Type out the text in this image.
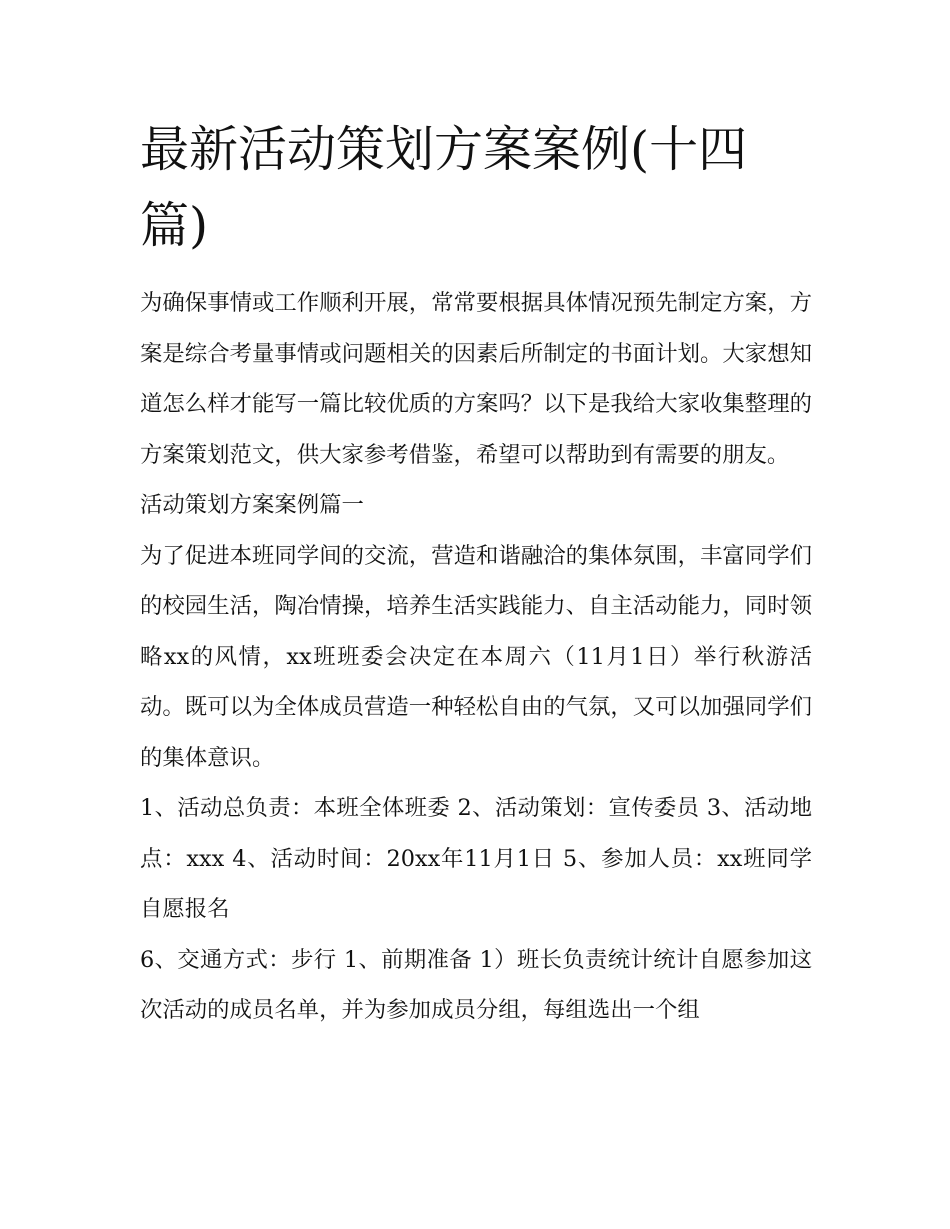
最新活动策划方案案例(十四篇)

为确保事情或工作顺利开展，常常要根据具体情况预先制定方案，方案是综合考量事情或问题相关的因素后所制定的书面计划。大家想知道怎么样才能写一篇比较优质的方案吗？以下是我给大家收集整理的方案策划范文，供大家参考借鉴，希望可以帮助到有需要的朋友。

活动策划方案案例篇一

为了促进本班同学间的交流，营造和谐融洽的集体氛围，丰富同学们的校园生活，陶冶情操，培养生活实践能力、自主活动能力，同时领略xx的风情，xx班班委会决定在本周六（11月1日）举行秋游活动。既可以为全体成员营造一种轻松自由的气氛，又可以加强同学们的集体意识。

1、活动总负责：本班全体班委 2、活动策划：宣传委员 3、活动地点：xxx 4、活动时间：20xx年11月1日 5、参加人员：xx班同学自愿报名

6、交通方式：步行 1、前期准备 1）班长负责统计统计自愿参加这次活动的成员名单，并为参加成员分组，每组选出一个组
